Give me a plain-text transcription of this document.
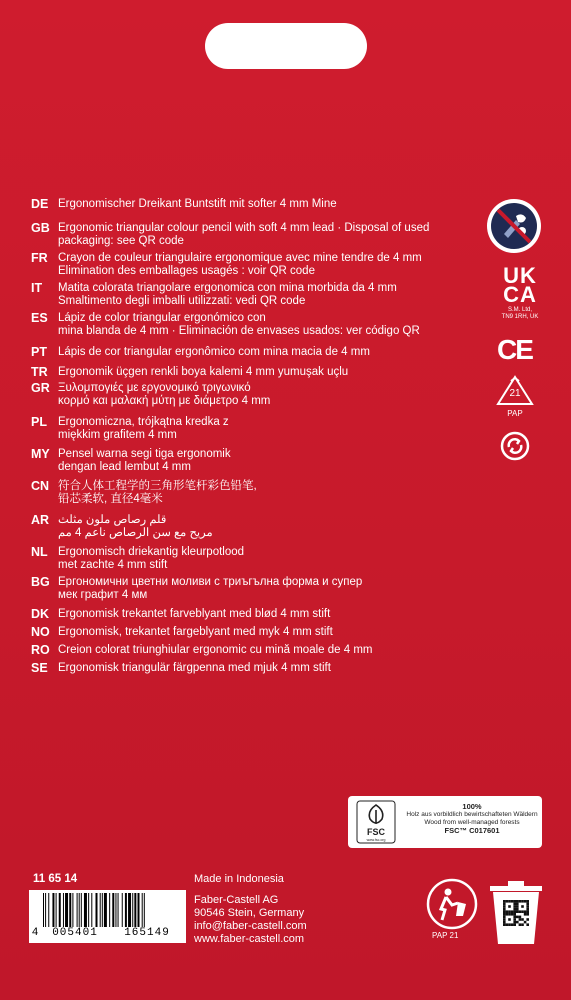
DE Ergonomischer Dreikant Buntstift mit softer 4 mm Mine
GB Ergonomic triangular colour pencil with soft 4 mm lead · Disposal of used
packaging: see QR code
FR Crayon de couleur triangulaire ergonomique avec mine tendre de 4 mm
Elimination des emballages usagés : voir QR code
IT	Matita colorata triangolare ergonomica con mina morbida da 4 mm
Smaltimento degli imballi utilizzati: vedi QR code
ES Lápiz de color triangular ergonómico con
mina blanda de 4 mm · Eliminación de envases usados: ver código QR
PT Lápis de cor triangular ergonômico com mina macia de 4 mm
TR Ergonomik üçgen renkli boya kalemi 4 mm yumuşak uçlu
GR Ξυλομπογιές με εργονομικό τριγωνικό
κορμό και μαλακή μύτη με διάμετρο 4 mm
PL Ergonomiczna, trójkątna kredka z
miękkim grafitem 4 mm
MY Pensel warna segi tiga ergonomik
dengan lead lembut 4 mm
CN 符合人体工程学的三角形笔杆彩色铅笔,
铅芯柔软, 直径4毫米
AR	قلم رصاص ملون مثلث
مريح مع سن الرصاص ناعم 4 مم
NL Ergonomisch driekantig kleurpotlood
met zachte 4 mm stift
BG Ергономични цветни моливи с триъгълна форма и супер
мек графит 4 мм
DK Ergonomisk trekantet farveblyant med blød 4 mm stift
NO Ergonomisk, trekantet fargeblyant med myk 4 mm stift
RO Creion colorat triunghiular ergonomic cu mină moale de 4 mm
SE Ergonomisk triangulär färgpenna med mjuk 4 mm stift
UK
CA
S.M. Ltd,
TN9 1RH, UK
CE
21
PAP
FSC
www.fsc.org
100%
Holz aus vorbildlich bewirtschafteten Wäldern
Wood from well-managed forests
FSC™ C017601
11 65 14
4	005401	165149
Made in Indonesia
Faber-Castell AG
90546 Stein, Germany
info@faber-castell.com
www.faber-castell.com	PAP 21
